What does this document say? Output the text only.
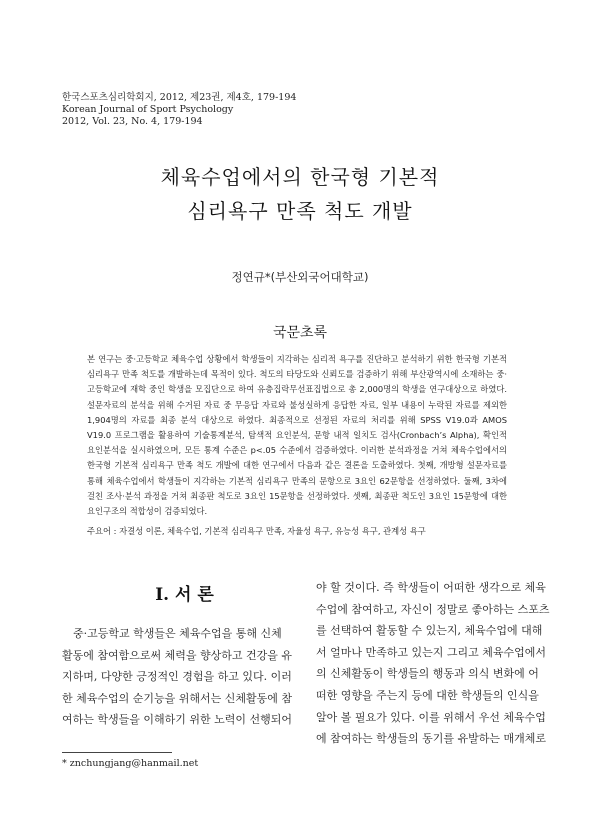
한국스포츠심리학회지, 2012, 제23권, 제4호, 179-194
Korean Journal of Sport Psychology
2012, Vol. 23, No. 4, 179-194
체육수업에서의 한국형 기본적
심리욕구 만족 척도 개발
정연규*(부산외국어대학교)
국문초록
본 연구는 중·고등학교 체육수업 상황에서 학생들이 지각하는 심리적 욕구를 진단하고 분석하기 위한 한국형 기본적 심리욕구 만족 척도를 개발하는데 목적이 있다. 척도의 타당도와 신뢰도를 검증하기 위해 부산광역시에 소재하는 중·고등학교에 재학 중인 학생을 모집단으로 하여 유층집락무선표집법으로 총 2,000명의 학생을 연구대상으로 하였다. 설문자료의 분석을 위해 수거된 자료 중 무응답 자료와 불성실하게 응답한 자료, 일부 내용이 누락된 자료를 제외한 1,904명의 자료를 최종 분석 대상으로 하였다. 최종적으로 선정된 자료의 처리를 위해 SPSS V19.0과 AMOS V19.0 프로그램을 활용하여 기술통계분석, 탐색적 요인분석, 문항 내적 일치도 검사(Cronbach’s Alpha), 확인적 요인분석을 실시하였으며, 모든 통계 수준은 p<.05 수준에서 검증하였다. 이러한 분석과정을 거쳐 체육수업에서의 한국형 기본적 심리욕구 만족 척도 개발에 대한 연구에서 다음과 같은 결론을 도출하였다. 첫째, 개방형 설문자료를 통해 체육수업에서 학생들이 지각하는 기본적 심리욕구 만족의 문항으로 3요인 62문항을 선정하였다. 둘째, 3차에 걸친 조사·분석 과정을 거쳐 최종판 척도로 3요인 15문항을 선정하였다. 셋째, 최종판 척도인 3요인 15문항에 대한 요인구조의 적합성이 검증되었다.
주요어 : 자결성 이론, 체육수업, 기본적 심리욕구 만족, 자율성 욕구, 유능성 욕구, 관계성 욕구
I. 서 론
중·고등학교 학생들은 체육수업을 통해 신체
활동에 참여함으로써 체력을 향상하고 건강을 유
지하며, 다양한 긍정적인 경험을 하고 있다. 이러
한 체육수업의 순기능을 위해서는 신체활동에 참
여하는 학생들을 이해하기 위한 노력이 선행되어
야 할 것이다. 즉 학생들이 어떠한 생각으로 체육
수업에 참여하고, 자신이 정말로 좋아하는 스포츠
를 선택하여 활동할 수 있는지, 체육수업에 대해
서 얼마나 만족하고 있는지 그리고 체육수업에서
의 신체활동이 학생들의 행동과 의식 변화에 어
떠한 영향을 주는지 등에 대한 학생들의 인식을
알아 볼 필요가 있다. 이를 위해서 우선 체육수업
에 참여하는 학생들의 동기를 유발하는 매개체로
* znchungjang@hanmail.net
